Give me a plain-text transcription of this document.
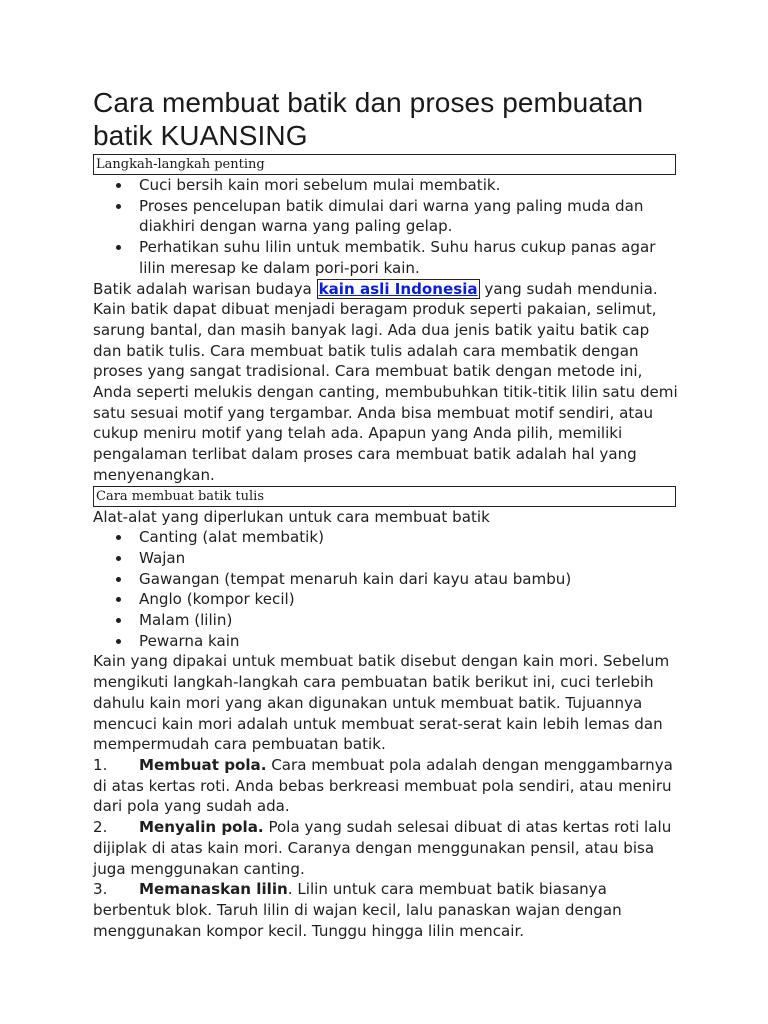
Cara membuat batik dan proses pembuatan batik KUANSING
Langkah-langkah penting
Cuci bersih kain mori sebelum mulai membatik.
Proses pencelupan batik dimulai dari warna yang paling muda dan diakhiri dengan warna yang paling gelap.
Perhatikan suhu lilin untuk membatik. Suhu harus cukup panas agar lilin meresap ke dalam pori-pori kain.

Batik adalah warisan budaya kain asli Indonesia yang sudah mendunia. Kain batik dapat dibuat menjadi beragam produk seperti pakaian, selimut, sarung bantal, dan masih banyak lagi. Ada dua jenis batik yaitu batik cap dan batik tulis. Cara membuat batik tulis adalah cara membatik dengan proses yang sangat tradisional. Cara membuat batik dengan metode ini, Anda seperti melukis dengan canting, membubuhkan titik-titik lilin satu demi satu sesuai motif yang tergambar. Anda bisa membuat motif sendiri, atau cukup meniru motif yang telah ada. Apapun yang Anda pilih, memiliki pengalaman terlibat dalam proses cara membuat batik adalah hal yang menyenangkan.

Cara membuat batik tulis

Alat-alat yang diperlukan untuk cara membuat batik

Canting (alat membatik)
Wajan
Gawangan (tempat menaruh kain dari kayu atau bambu)
Anglo (kompor kecil)
Malam (lilin)
Pewarna kain

Kain yang dipakai untuk membuat batik disebut dengan kain mori. Sebelum mengikuti langkah-langkah cara pembuatan batik berikut ini, cuci terlebih dahulu kain mori yang akan digunakan untuk membuat batik. Tujuannya mencuci kain mori adalah untuk membuat serat-serat kain lebih lemas dan mempermudah cara pembuatan batik.

1. Membuat pola. Cara membuat pola adalah dengan menggambarnya di atas kertas roti. Anda bebas berkreasi membuat pola sendiri, atau meniru dari pola yang sudah ada.

2. Menyalin pola. Pola yang sudah selesai dibuat di atas kertas roti lalu dijiplak di atas kain mori. Caranya dengan menggunakan pensil, atau bisa juga menggunakan canting.

3. Memanaskan lilin. Lilin untuk cara membuat batik biasanya berbentuk blok. Taruh lilin di wajan kecil, lalu panaskan wajan dengan menggunakan kompor kecil. Tunggu hingga lilin mencair.
